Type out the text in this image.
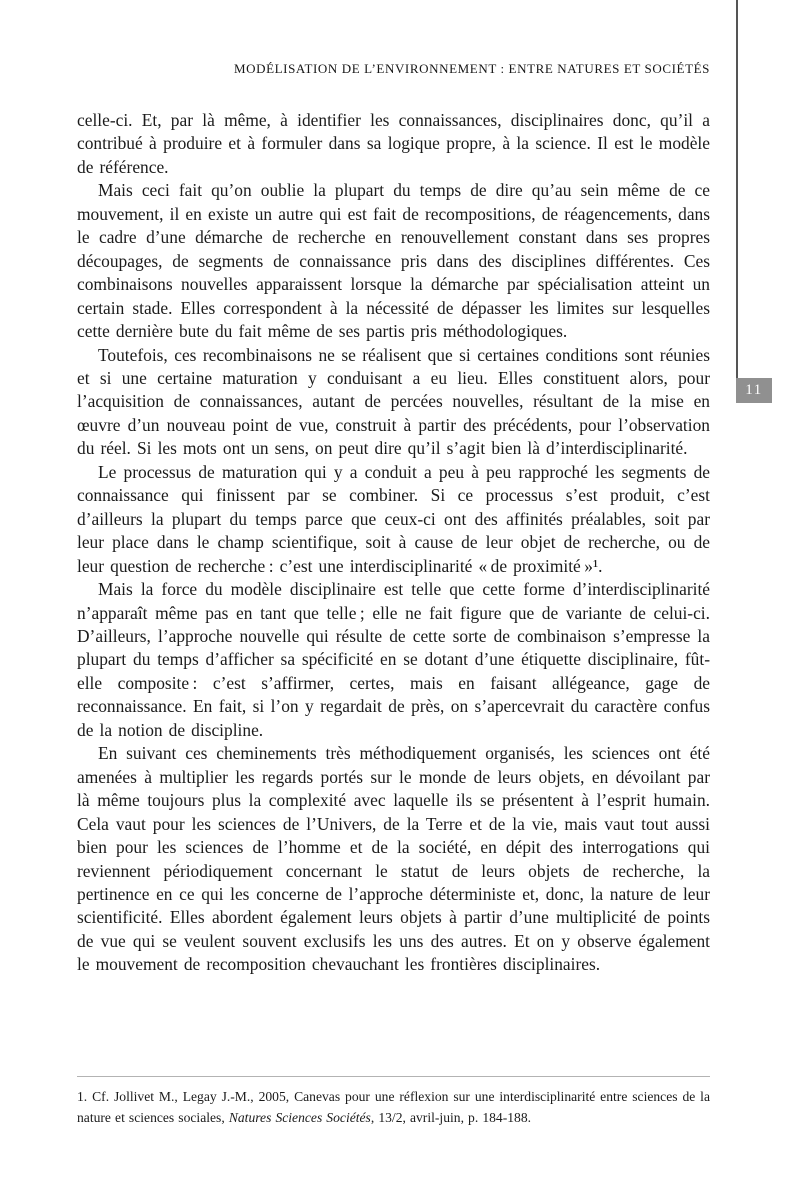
MODÉLISATION DE L’ENVIRONNEMENT : ENTRE NATURES ET SOCIÉTÉS
11

celle-ci. Et, par là même, à identifier les connaissances, disciplinaires donc, qu’il a contribué à produire et à formuler dans sa logique propre, à la science. Il est le modèle de référence.

Mais ceci fait qu’on oublie la plupart du temps de dire qu’au sein même de ce mouvement, il en existe un autre qui est fait de recompositions, de réagencements, dans le cadre d’une démarche de recherche en renouvellement constant dans ses propres découpages, de segments de connaissance pris dans des disciplines différentes. Ces combinaisons nouvelles apparaissent lorsque la démarche par spécialisation atteint un certain stade. Elles correspondent à la nécessité de dépasser les limites sur lesquelles cette dernière bute du fait même de ses partis pris méthodologiques.

Toutefois, ces recombinaisons ne se réalisent que si certaines conditions sont réunies et si une certaine maturation y conduisant a eu lieu. Elles constituent alors, pour l’acquisition de connaissances, autant de percées nouvelles, résultant de la mise en œuvre d’un nouveau point de vue, construit à partir des précédents, pour l’observation du réel. Si les mots ont un sens, on peut dire qu’il s’agit bien là d’interdisciplinarité.

Le processus de maturation qui y a conduit a peu à peu rapproché les segments de connaissance qui finissent par se combiner. Si ce processus s’est produit, c’est d’ailleurs la plupart du temps parce que ceux-ci ont des affinités préalables, soit par leur place dans le champ scientifique, soit à cause de leur objet de recherche, ou de leur question de recherche : c’est une interdisciplinarité « de proximité »¹.

Mais la force du modèle disciplinaire est telle que cette forme d’interdisciplinarité n’apparaît même pas en tant que telle ; elle ne fait figure que de variante de celui-ci. D’ailleurs, l’approche nouvelle qui résulte de cette sorte de combinaison s’empresse la plupart du temps d’afficher sa spécificité en se dotant d’une étiquette disciplinaire, fût-elle composite : c’est s’affirmer, certes, mais en faisant allégeance, gage de reconnaissance. En fait, si l’on y regardait de près, on s’apercevrait du caractère confus de la notion de discipline.

En suivant ces cheminements très méthodiquement organisés, les sciences ont été amenées à multiplier les regards portés sur le monde de leurs objets, en dévoilant par là même toujours plus la complexité avec laquelle ils se présentent à l’esprit humain. Cela vaut pour les sciences de l’Univers, de la Terre et de la vie, mais vaut tout aussi bien pour les sciences de l’homme et de la société, en dépit des interrogations qui reviennent périodiquement concernant le statut de leurs objets de recherche, la pertinence en ce qui les concerne de l’approche déterministe et, donc, la nature de leur scientificité. Elles abordent également leurs objets à partir d’une multiplicité de points de vue qui se veulent souvent exclusifs les uns des autres. Et on y observe également le mouvement de recomposition chevauchant les frontières disciplinaires.

1. Cf. Jollivet M., Legay J.-M., 2005, Canevas pour une réflexion sur une interdisciplinarité entre sciences de la nature et sciences sociales, Natures Sciences Sociétés, 13/2, avril-juin, p. 184-188.
